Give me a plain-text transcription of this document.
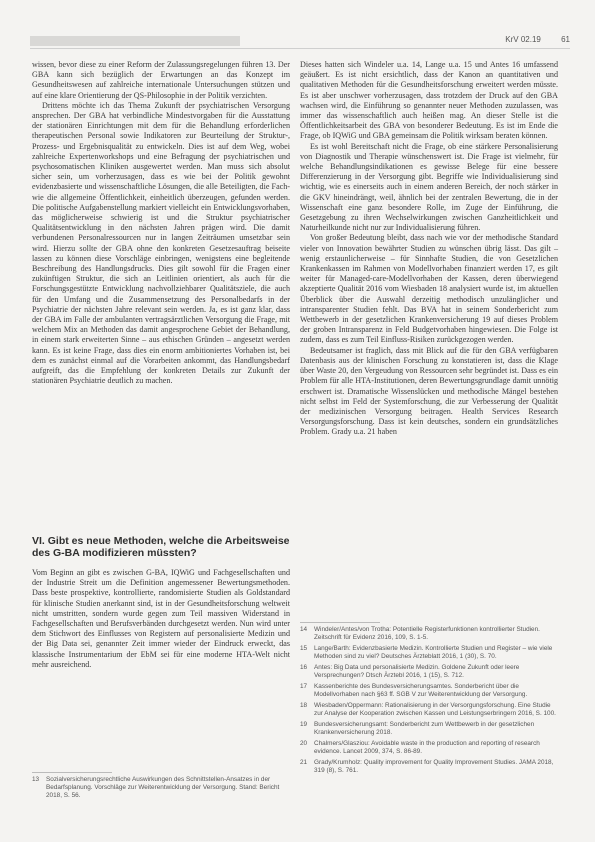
KrV 02.19	61

wissen, bevor diese zu einer Reform der Zulassungsregelungen führen 13. Der GBA kann sich bezüglich der Erwartungen an das Konzept im Gesundheitswesen auf zahlreiche internationale Untersuchungen stützen und auf eine klare Orientierung der QS-Philosophie in der Politik verzichten.

Drittens möchte ich das Thema Zukunft der psychiatrischen Versorgung ansprechen. Der GBA hat verbindliche Mindestvorgaben für die Ausstattung der stationären Einrichtungen mit dem für die Behandlung erforderlichen therapeutischen Personal sowie Indikatoren zur Beurteilung der Struktur-, Prozess- und Ergebnisqualität zu entwickeln. Dies ist auf dem Weg, wobei zahlreiche Expertenworkshops und eine Befragung der psychiatrischen und psychosomatischen Kliniken ausgewertet werden. Man muss sich absolut sicher sein, um vorherzusagen, dass es wie bei der Politik gewohnt evidenzbasierte und wissenschaftliche Lösungen, die alle Beteiligten, die Fach- wie die allgemeine Öffentlichkeit, einheitlich überzeugen, gefunden werden. Die politische Aufgabenstellung markiert vielleicht ein Entwicklungsvorhaben, das möglicherweise schwierig ist und die Struktur psychiatrischer Qualitätsentwicklung in den nächsten Jahren prägen wird. Die damit verbundenen Personalressourcen nur in langen Zeiträumen umsetzbar sein wird. Hierzu sollte der GBA ohne den konkreten Gesetzesauftrag beiseite lassen zu können diese Vorschläge einbringen, wenigstens eine begleitende Beschreibung des Handlungsdrucks. Dies gilt sowohl für die Fragen einer zukünftigen Struktur, die sich an Leitlinien orientiert, als auch für die Forschungsgestützte Entwicklung nachvollziehbarer Qualitätsziele, die auch für den Umfang und die Zusammensetzung des Personalbedarfs in der Psychiatrie der nächsten Jahre relevant sein werden. Ja, es ist ganz klar, dass der GBA im Falle der ambulanten vertragsärztlichen Versorgung die Frage, mit welchem Mix an Methoden das damit angesprochene Gebiet der Behandlung, in einem stark erweiterten Sinne – aus ethischen Gründen – angesetzt werden kann. Es ist keine Frage, dass dies ein enorm ambitioniertes Vorhaben ist, bei dem es zunächst einmal auf die Vorarbeiten ankommt, das Handlungsbedarf aufgreift, das die Empfehlung der konkreten Details zur Zukunft der stationären Psychiatrie deutlich zu machen.

VI. Gibt es neue Methoden, welche die Arbeitsweise des G-BA modifizieren müssten?
Vom Beginn an gibt es zwischen G-BA, IQWiG und Fachgesellschaften und der Industrie Streit um die Definition angemessener Bewertungsmethoden. Dass beste prospektive, kontrollierte, randomisierte Studien als Goldstandard für klinische Studien anerkannt sind, ist in der Gesundheitsforschung weltweit nicht umstritten, sondern wurde gegen zum Teil massiven Widerstand in Fachgesellschaften und Berufsverbänden durchgesetzt werden. Nun wird unter dem Stichwort des Einflusses von Registern auf personalisierte Medizin und der Big Data sei, genannter Zeit immer wieder der Eindruck erweckt, das klassische Instrumentarium der EbM sei für eine moderne HTA-Welt nicht mehr ausreichend.
13	Sozialversicherungsrechtliche Auswirkungen des Schnittstellen-Ansatzes in der Bedarfsplanung. Vorschläge zur Weiterentwicklung der Versorgung. Stand: Bericht 2018, S. 56.

Dieses hatten sich Windeler u.a. 14, Lange u.a. 15 und Antes 16 umfassend geäußert. Es ist nicht ersichtlich, dass der Kanon an quantitativen und qualitativen Methoden für die Gesundheitsforschung erweitert werden müsste. Es ist aber unschwer vorherzusagen, dass trotzdem der Druck auf den GBA wachsen wird, die Einführung so genannter neuer Methoden zuzulassen, was immer das wissenschaftlich auch heißen mag. An dieser Stelle ist die Öffentlichkeitsarbeit des GBA von besonderer Bedeutung. Es ist im Ende die Frage, ob IQWiG und GBA gemeinsam die Politik wirksam beraten können.

Es ist wohl Bereitschaft nicht die Frage, ob eine stärkere Personalisierung von Diagnostik und Therapie wünschenswert ist. Die Frage ist vielmehr, für welche Behandlungsindikationen es gewisse Belege für eine bessere Differenzierung in der Versorgung gibt. Begriffe wie Individualisierung sind wichtig, wie es einerseits auch in einem anderen Bereich, der noch stärker in die GKV hineindrängt, weil, ähnlich bei der zentralen Bewertung, die in der Wissenschaft eine ganz besondere Rolle, im Zuge der Einführung, die Gesetzgebung zu ihren Wechselwirkungen zwischen Ganzheitlichkeit und Naturheilkunde nicht nur zur Individualisierung führen.

Von großer Bedeutung bleibt, dass nach wie vor der methodische Standard vieler von Innovation bewährter Studien zu wünschen übrig lässt. Das gilt – wenig erstaunlicherweise – für Sinnhafte Studien, die von Gesetzlichen Krankenkassen im Rahmen von Modellvorhaben finanziert werden 17, es gilt weiter für Managed-care-Modellvorhaben der Kassen, deren überwiegend akzeptierte Qualität 2016 vom Wiesbaden 18 analysiert wurde ist, im aktuellen Überblick über die Auswahl derzeitig methodisch unzulänglicher und intransparenter Studien fehlt. Das BVA hat in seinem Sonderbericht zum Wettbewerb in der gesetzlichen Krankenversicherung 19 auf dieses Problem der groben Intransparenz in Feld Budgetvorhaben hingewiesen. Die Folge ist zudem, dass es zum Teil Einfluss-Risiken zurückgezogen werden.

Bedeutsamer ist fraglich, dass mit Blick auf die für den GBA verfügbaren Datenbasis aus der klinischen Forschung zu konstatieren ist, dass die Klage über Waste 20, den Vergeudung von Ressourcen sehr begründet ist. Dass es ein Problem für alle HTA-Institutionen, deren Bewertungsgrundlage damit unnötig erschwert ist. Dramatische Wissenslücken und methodische Mängel bestehen nicht selbst im Feld der Systemforschung, die zur Verbesserung der Qualität der medizinischen Versorgung beitragen. Health Services Research Versorgungsforschung. Dass ist kein deutsches, sondern ein grundsätzliches Problem. Grady u.a. 21 haben

14	Windeler/Antes/von Trotha: Potentielle Registerfunktionen kontrollierter Studien. Zeitschrift für Evidenz 2016, 109, S. 1-5.
15	Lange/Barth: Evidenzbasierte Medizin. Kontrollierte Studien und Register – wie viele Methoden sind zu viel? Deutsches Ärzteblatt 2016, 1 (30), S. 70.
16	Antes: Big Data und personalisierte Medizin. Goldene Zukunft oder leere Versprechungen? Dtsch Ärztebl 2016, 1 (15), S. 712.
17	Kassenberichte des Bundesversicherungsamtes. Sonderbericht über die Modellvorhaben nach §63 ff. SGB V zur Weiterentwicklung der Versorgung.
18	Wiesbaden/Oppermann: Rationalisierung in der Versorgungsforschung. Eine Studie zur Analyse der Kooperation zwischen Kassen und Leistungserbringern 2016, S. 100.
19	Bundesversicherungsamt: Sonderbericht zum Wettbewerb in der gesetzlichen Krankenversicherung 2018.
20	Chalmers/Glasziou: Avoidable waste in the production and reporting of research evidence. Lancet 2009, 374, S. 86-89.
21	Grady/Krumholz: Quality improvement for Quality Improvement Studies. JAMA 2018, 319 (8), S. 761.
